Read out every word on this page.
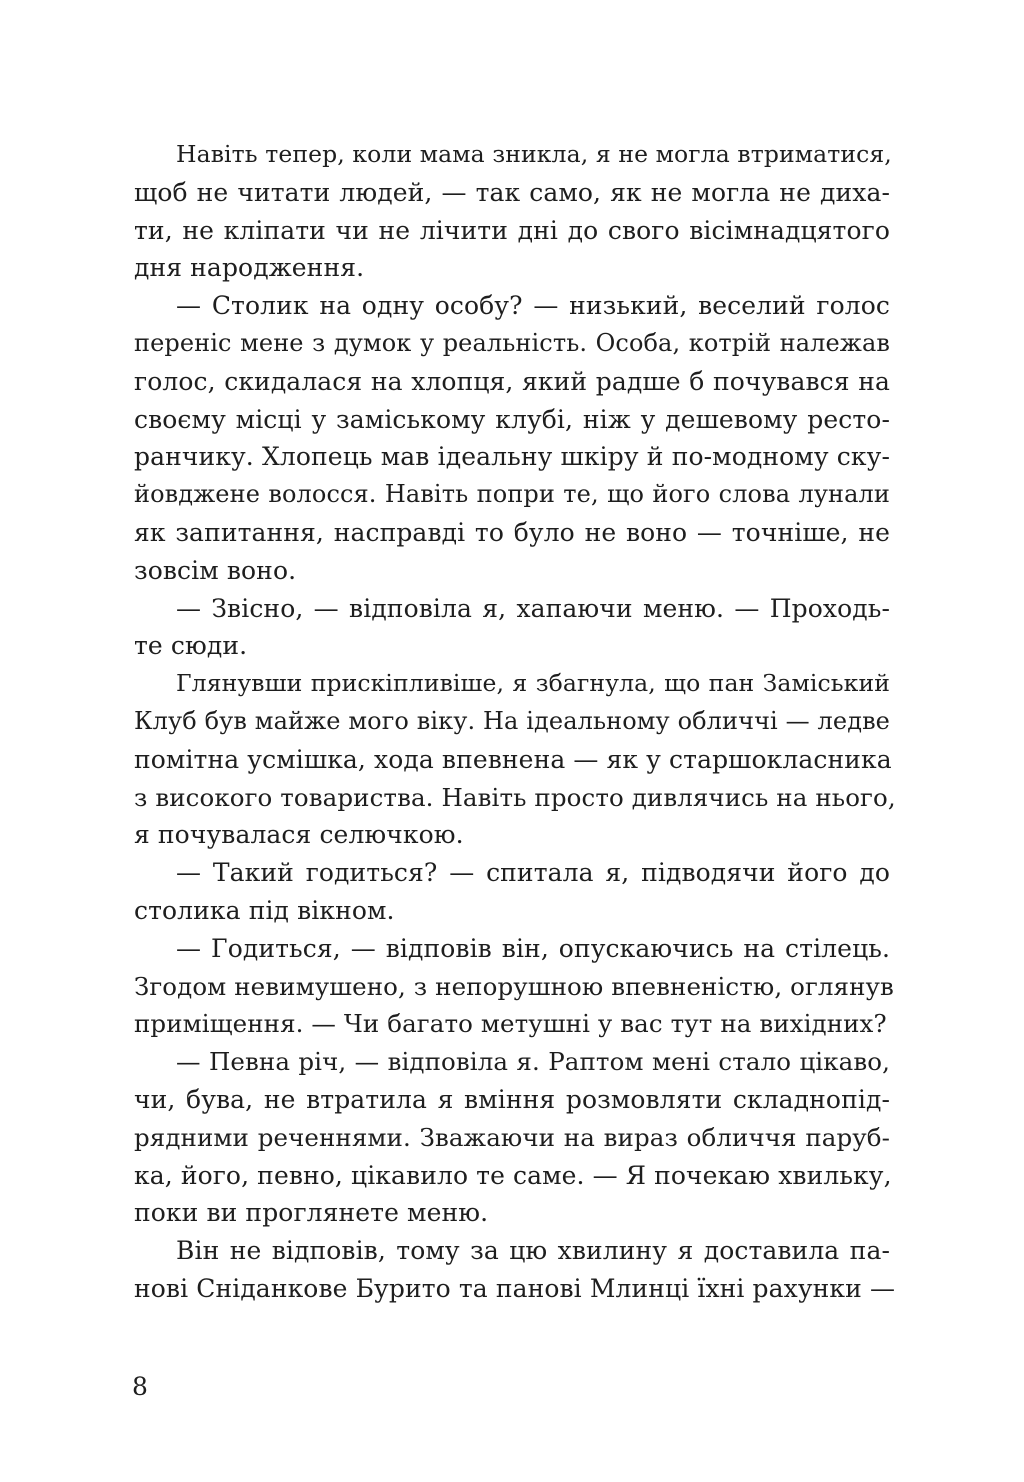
Навіть тепер, коли мама зникла, я не могла втриматися,
щоб не читати людей, — так само, як не могла не диха-
ти, не кліпати чи не лічити дні до свого вісімнадцятого
дня народження.
— Столик на одну особу? — низький, веселий голос
переніс мене з думок у реальність. Особа, котрій належав
голос, скидалася на хлопця, який радше б почувався на
своєму місці у заміському клубі, ніж у дешевому ресто-
ранчику. Хлопець мав ідеальну шкіру й по-модному ску-
йовджене волосся. Навіть попри те, що його слова лунали
як запитання, насправді то було не воно — точніше, не
зовсім воно.
— Звісно, — відповіла я, хапаючи меню. — Проходь-
те сюди.
Глянувши прискіпливіше, я збагнула, що пан Заміський
Клуб був майже мого віку. На ідеальному обличчі — ледве
помітна усмішка, хода впевнена — як у старшокласника
з високого товариства. Навіть просто дивлячись на нього,
я почувалася селючкою.
— Такий годиться? — спитала я, підводячи його до
столика під вікном.
— Годиться, — відповів він, опускаючись на стілець.
Згодом невимушено, з непорушною впевненістю, оглянув
приміщення. — Чи багато метушні у вас тут на вихідних?
— Певна річ, — відповіла я. Раптом мені стало цікаво,
чи, бува, не втратила я вміння розмовляти складнопід-
рядними реченнями. Зважаючи на вираз обличчя паруб-
ка, його, певно, цікавило те саме. — Я почекаю хвильку,
поки ви проглянете меню.
Він не відповів, тому за цю хвилину я доставила па-
нові Сніданкове Бурито та панові Млинці їхні рахунки —
8
